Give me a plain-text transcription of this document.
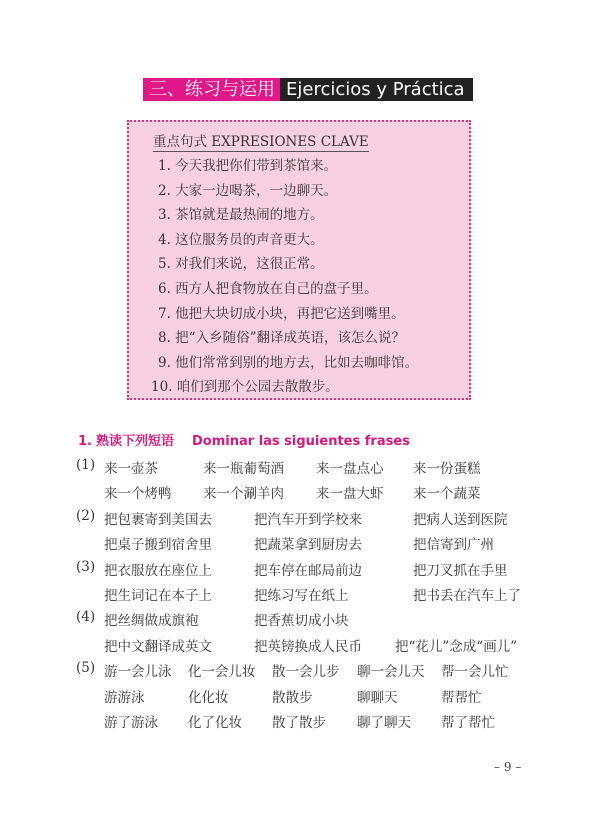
三、练习与运用 Ejercicios y Práctica
重点句式 EXPRESIONES CLAVE
1. 今天我把你们带到茶馆来。
2. 大家一边喝茶，一边聊天。
3. 茶馆就是最热闹的地方。
4. 这位服务员的声音更大。
5. 对我们来说，这很正常。
6. 西方人把食物放在自己的盘子里。
7. 他把大块切成小块，再把它送到嘴里。
8. 把“入乡随俗”翻译成英语，该怎么说？
9. 他们常常到别的地方去，比如去咖啡馆。
10. 咱们到那个公园去散散步。
1. 熟读下列短语 Dominar las siguientes frases
(1) 来一壶茶	来一瓶葡萄酒 来一盘点心 来一份蛋糕
来一个烤鸭 来一个涮羊肉 来一盘大虾 来一个蔬菜
(2) 把包裹寄到美国去	把汽车开到学校来	把病人送到医院
把桌子搬到宿舍里	把蔬菜拿到厨房去	把信寄到广州
(3) 把衣服放在座位上	把车停在邮局前边	把刀叉抓在手里
把生词记在本子上	把练习写在纸上	把书丢在汽车上了
(4) 把丝绸做成旗袍	把香蕉切成小块
把中文翻译成英文	把英镑换成人民币 把“花儿”念成“画儿”
(5) 游一会儿泳 化一会儿妆 散一会儿步 聊一会儿天 帮一会儿忙
游游泳	化化妆	散散步	聊聊天	帮帮忙
游了游泳 化了化妆 散了散步 聊了聊天 帮了帮忙
– 9 –
